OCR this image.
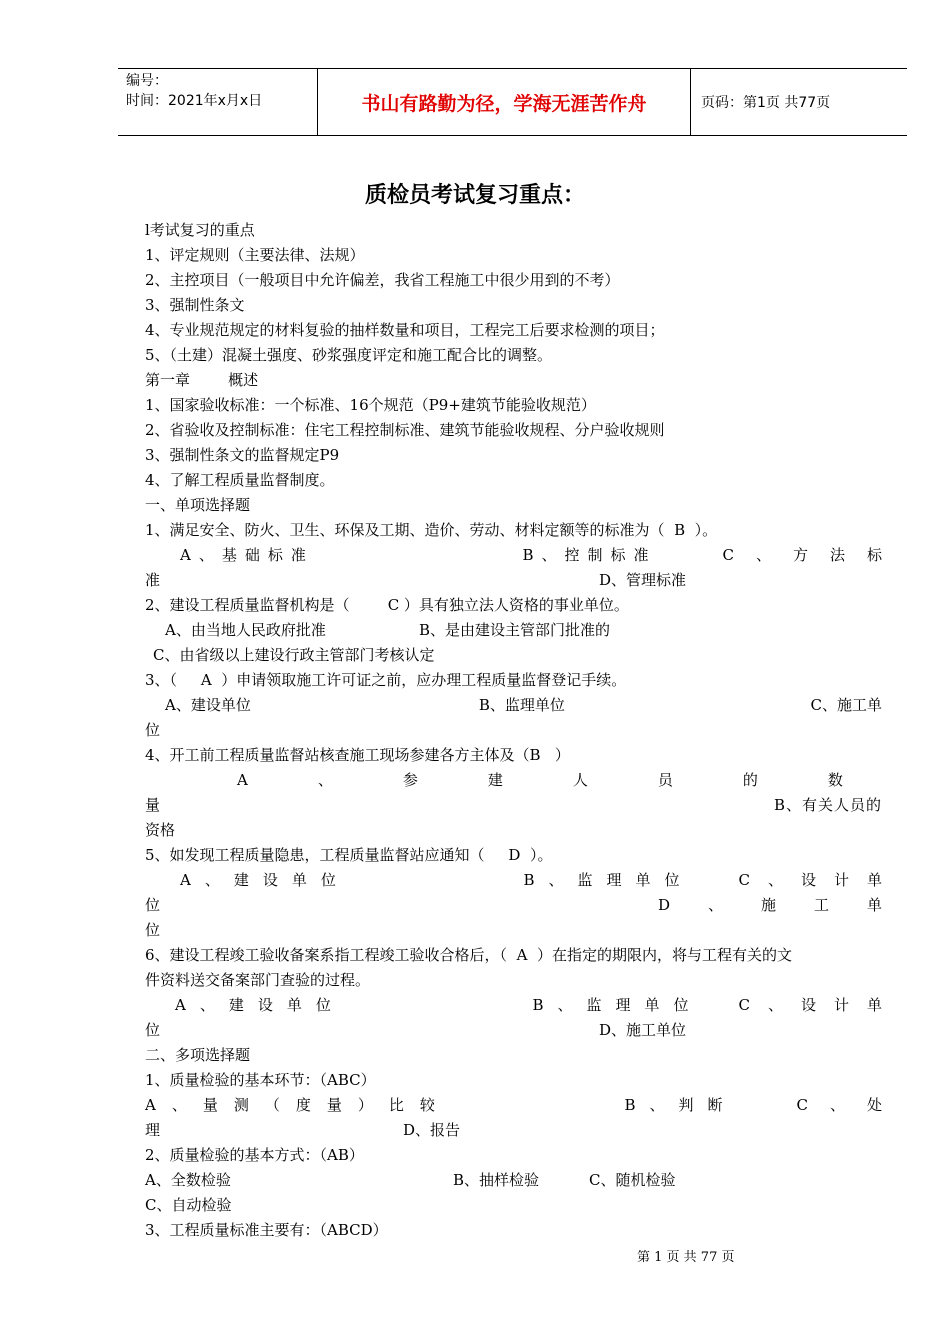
编号：
时间：2021年x月x日	书山有路勤为径，学海无涯苦作舟	页码：第1页 共77页
质检员考试复习重点：
l考试复习的重点
1、评定规则（主要法律、法规）
2、主控项目（一般项目中允许偏差，我省工程施工中很少用到的不考）
3、强制性条文
4、专业规范规定的材料复验的抽样数量和项目，工程完工后要求检测的项目；
5、（土建）混凝土强度、砂浆强度评定和施工配合比的调整。
第一章        概述
1、国家验收标准：一个标准、16个规范（P9+建筑节能验收规范）
2、省验收及控制标准：住宅工程控制标准、建筑节能验收规程、分户验收规则
3、强制性条文的监督规定P9
4、了解工程质量监督制度。
一、单项选择题
1、满足安全、防火、卫生、环保及工期、造价、劳动、材料定额等的标准为（  B  ）。
A、基础标准	B、控制标准	C、方法标
准	D、管理标准
2、建设工程质量监督机构是（        C ）具有独立法人资格的事业单位。
A、由当地人民政府批准	B、是由建设主管部门批准的
C、由省级以上建设行政主管部门考核认定
3、（     A  ）申请领取施工许可证之前，应办理工程质量监督登记手续。
A、建设单位	B、监理单位	C、施工单
位
4、开工前工程质量监督站核查施工现场参建各方主体及（B   ）
A、参建人员的数
量	B、有关人员的
资格
5、如发现工程质量隐患，工程质量监督站应通知（     D  ）。
A、建设单位	B、监理单位	C、设计单
位	D、施工单
位
6、建设工程竣工验收备案系指工程竣工验收合格后，（  A  ）在指定的期限内，将与工程有关的文
件资料送交备案部门查验的过程。
A、建设单位	B、监理单位	C、设计单
位	D、施工单位
二、多项选择题
1、质量检验的基本环节：（ABC）
A、量测（度量）比较	B、判断	C、处
理	D、报告
2、质量检验的基本方式：（AB）
A、全数检验	B、抽样检验	C、随机检验
C、自动检验
3、工程质量标准主要有：（ABCD）
第 1 页 共 77 页
